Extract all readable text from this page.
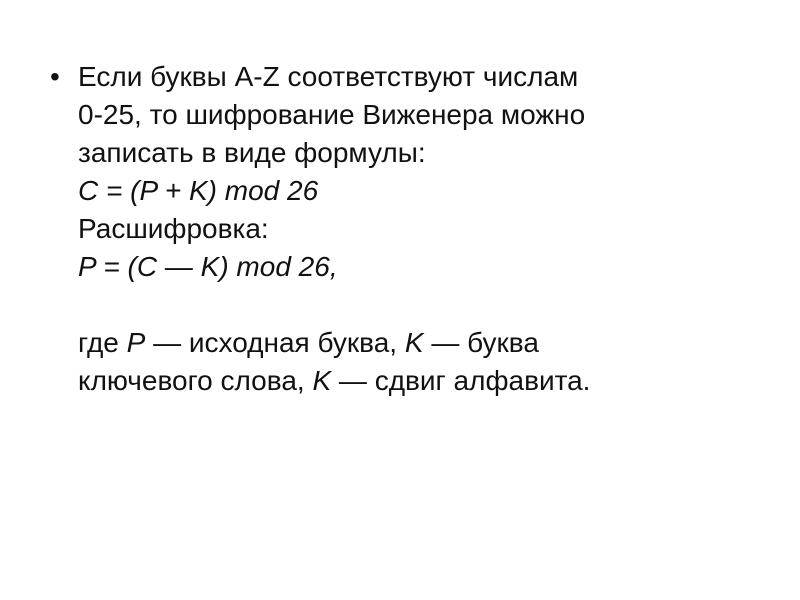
• Если буквы A-Z соответствуют числам
0-25, то шифрование Виженера можно
записать в виде формулы:
C = (P + K) mod 26
Расшифровка:
P = (C — K) mod 26,
где P — исходная буква, K — буква
ключевого слова, K — сдвиг алфавита.
